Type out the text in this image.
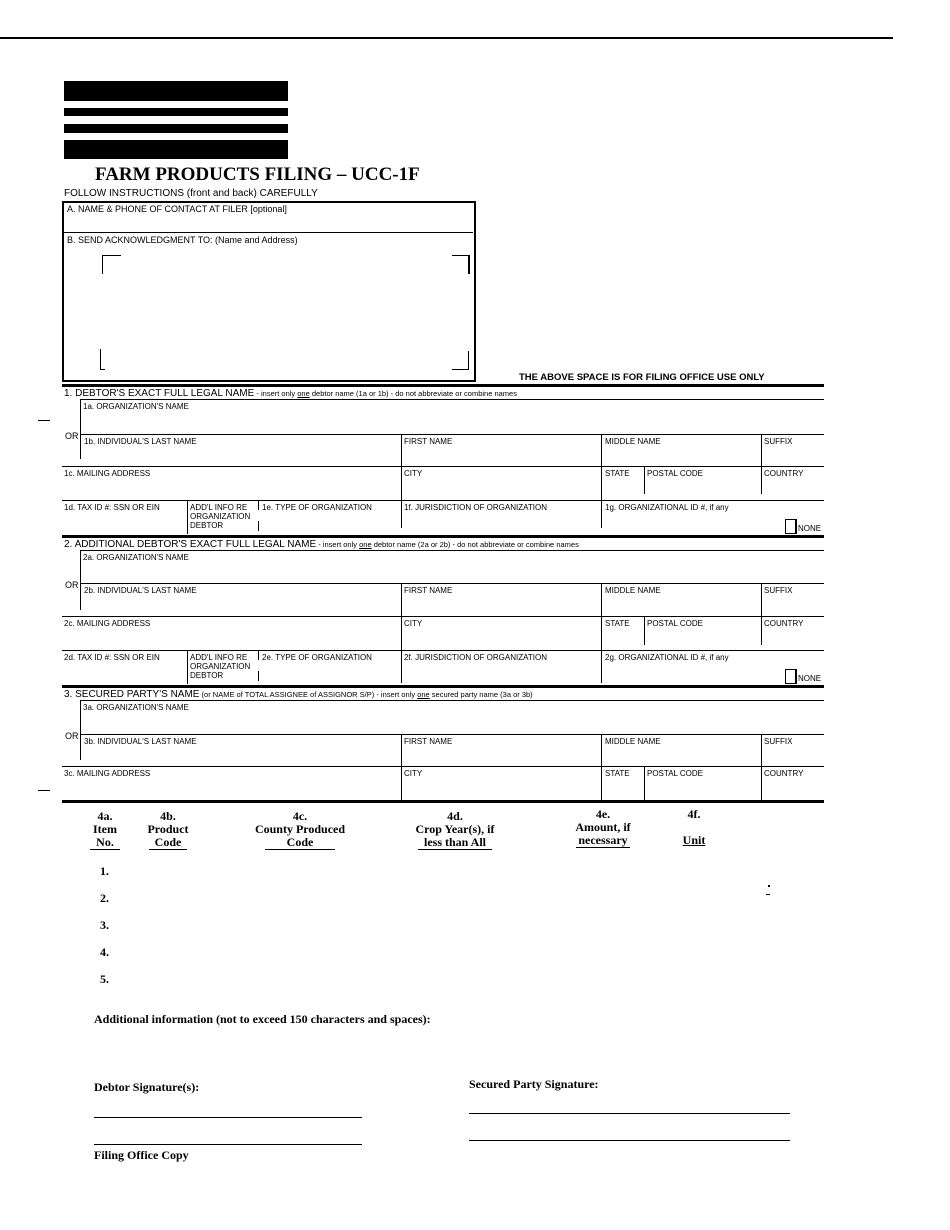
FARM PRODUCTS FILING – UCC-1F
FOLLOW INSTRUCTIONS (front and back) CAREFULLY
A. NAME & PHONE OF CONTACT AT FILER [optional]
B. SEND ACKNOWLEDGMENT TO: (Name and Address)
THE ABOVE SPACE IS FOR FILING OFFICE USE ONLY
1. DEBTOR'S EXACT FULL LEGAL NAME - insert only one debtor name (1a or 1b) - do not abbreviate or combine names
1a. ORGANIZATION'S NAME
OR
1b. INDIVIDUAL'S LAST NAME	FIRST NAME	MIDDLE NAME	SUFFIX
1c. MAILING ADDRESS	CITY	STATE POSTAL CODE	COUNTRY
1d. TAX ID #: SSN OR EIN	ADD'L INFO RE
ORGANIZATION
DEBTOR
1e. TYPE OF ORGANIZATION	1f. JURISDICTION OF ORGANIZATION	1g. ORGANIZATIONAL ID #, if any
NONE
2. ADDITIONAL DEBTOR'S EXACT FULL LEGAL NAME - insert only one debtor name (2a or 2b) - do not abbreviate or combine names
2a. ORGANIZATION'S NAME
OR
2b. INDIVIDUAL'S LAST NAME	FIRST NAME	MIDDLE NAME	SUFFIX
2c. MAILING ADDRESS	CITY	STATE POSTAL CODE	COUNTRY
2d. TAX ID #: SSN OR EIN	ADD'L INFO RE
ORGANIZATION
DEBTOR
2e. TYPE OF ORGANIZATION	2f. JURISDICTION OF ORGANIZATION	2g. ORGANIZATIONAL ID #, if any
NONE
3. SECURED PARTY'S NAME (or NAME of TOTAL ASSIGNEE of ASSIGNOR S/P) - insert only one secured party name (3a or 3b)
3a. ORGANIZATION'S NAME
OR
3b. INDIVIDUAL'S LAST NAME	FIRST NAME	MIDDLE NAME	SUFFIX
3c. MAILING ADDRESS	CITY	STATE POSTAL CODE	COUNTRY
4a.
Item
No.
4b.
Product
Code
4c.
County Produced
Code
4d.
Crop Year(s), if
less than All
4e.
Amount, if
necessary
4f.
Unit
1.
2.
3.
4.
5.
Additional information (not to exceed 150 characters and spaces):
Debtor Signature(s):	Secured Party Signature:
Filing Office Copy
